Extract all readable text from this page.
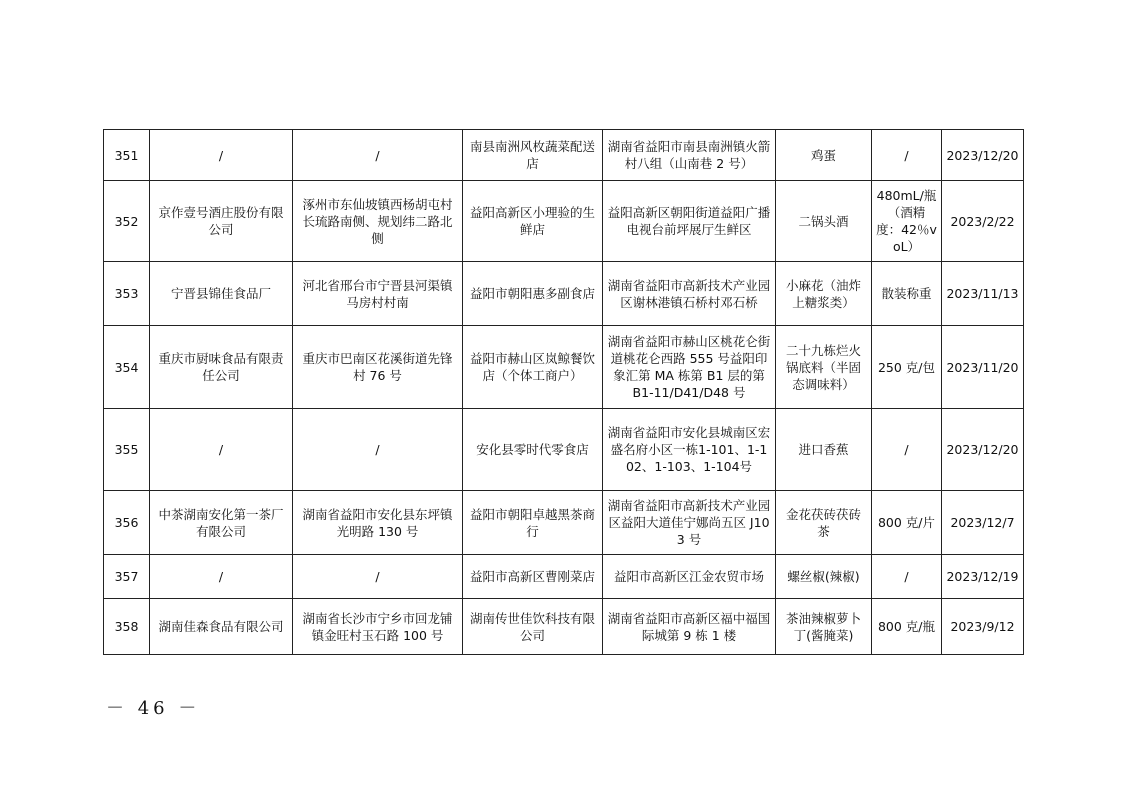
351	/	/	南县南洲风枚蔬菜配送店	湖南省益阳市南县南洲镇火箭村八组（山南巷 2 号）	鸡蛋	/	2023/12/20
352	京作壹号酒庄股份有限公司	涿州市东仙坡镇西杨胡屯村长琉路南侧、规划纬二路北侧	益阳高新区小理验的生鲜店	益阳高新区朝阳街道益阳广播电视台前坪展厅生鲜区	二锅头酒	480mL/瓶（酒精度：42％voL）	2023/2/22
353	宁晋县锦佳食品厂	河北省邢台市宁晋县河渠镇马房村村南	益阳市朝阳惠多副食店	湖南省益阳市高新技术产业园区谢林港镇石桥村邓石桥	小麻花（油炸上糖浆类）	散装称重	2023/11/13
354	重庆市厨味食品有限责任公司	重庆市巴南区花溪街道先锋村 76 号	益阳市赫山区岚鲸餐饮店（个体工商户）	湖南省益阳市赫山区桃花仑街道桃花仑西路 555 号益阳印象汇第 MA 栋第 B1 层的第 B1-11/D41/D48 号	二十九栋烂火锅底料（半固态调味料）	250 克/包	2023/11/20
355	/	/	安化县零时代零食店	湖南省益阳市安化县城南区宏盛名府小区一栋1-101、1-102、1-103、1-104号	进口香蕉	/	2023/12/20
356	中茶湖南安化第一茶厂有限公司	湖南省益阳市安化县东坪镇光明路 130 号	益阳市朝阳卓越黑茶商行	湖南省益阳市高新技术产业园区益阳大道佳宁娜尚五区 J103 号	金花茯砖茯砖茶	800 克/片	2023/12/7
357	/	/	益阳市高新区曹刚菜店	益阳市高新区江金农贸市场	螺丝椒(辣椒)	/	2023/12/19
358	湖南佳森食品有限公司	湖南省长沙市宁乡市回龙铺镇金旺村玉石路 100 号	湖南传世佳饮科技有限公司	湖南省益阳市高新区福中福国际城第 9 栋 1 楼	茶油辣椒萝卜丁(酱腌菜)	800 克/瓶	2023/9/12
－ 46 －
